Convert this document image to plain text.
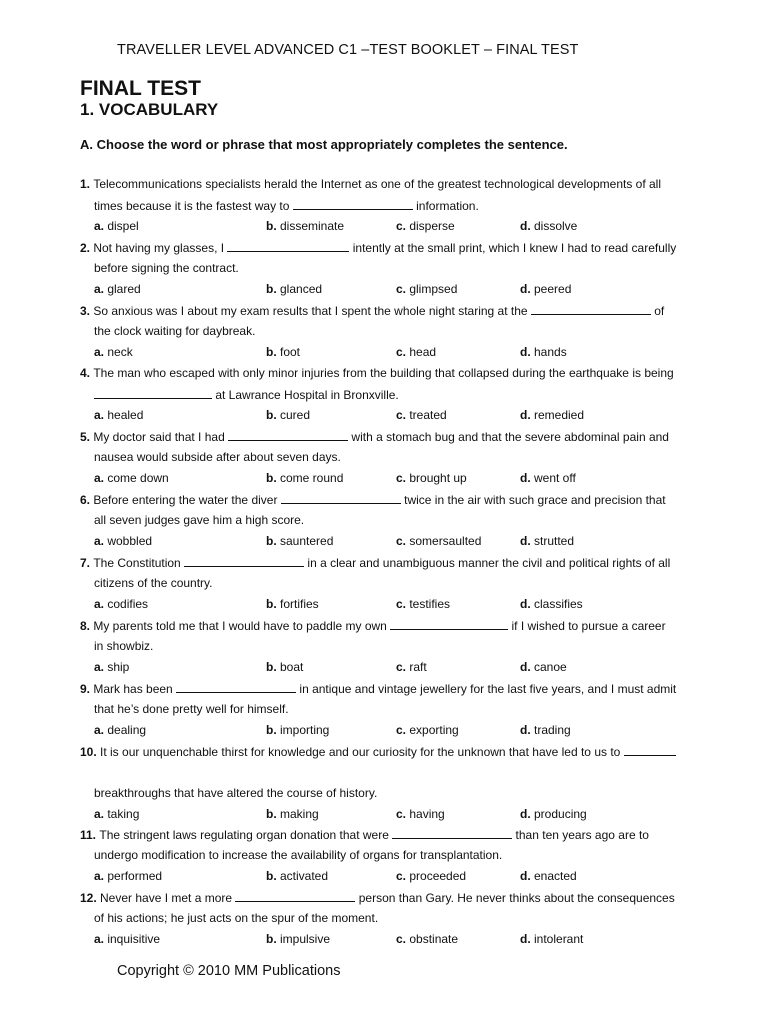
TRAVELLER LEVEL ADVANCED C1 –TEST BOOKLET – FINAL TEST
FINAL TEST
1. VOCABULARY
A. Choose the word or phrase that most appropriately completes the sentence.
1. Telecommunications specialists herald the Internet as one of the greatest technological developments of all
times because it is the fastest way to	information.
a. dispel	b. disseminate	c. disperse	d. dissolve
2. Not having my glasses, I	intently at the small print, which I knew I had to read carefully
before signing the contract.
a. glared	b. glanced	c. glimpsed	d. peered
3. So anxious was I about my exam results that I spent the whole night staring at the	of
the clock waiting for daybreak.
a. neck	b. foot	c. head	d. hands
4. The man who escaped with only minor injuries from the building that collapsed during the earthquake is being
at Lawrance Hospital in Bronxville.
a. healed	b. cured	c. treated	d. remedied
5. My doctor said that I had	with a stomach bug and that the severe abdominal pain and
nausea would subside after about seven days.
a. come down	b. come round	c. brought up	d. went off
6. Before entering the water the diver	twice in the air with such grace and precision that
all seven judges gave him a high score.
a. wobbled	b. sauntered	c. somersaulted	d. strutted
7. The Constitution	in a clear and unambiguous manner the civil and political rights of all
citizens of the country.
a. codifies	b. fortifies	c. testifies	d. classifies
8. My parents told me that I would have to paddle my own	if I wished to pursue a career
in showbiz.
a. ship	b. boat	c. raft	d. canoe
9. Mark has been	in antique and vintage jewellery for the last five years, and I must admit
that he’s done pretty well for himself.
a. dealing	b. importing	c. exporting	d. trading
10. It is our unquenchable thirst for knowledge and our curiosity for the unknown that have led to us to
breakthroughs that have altered the course of history.
a. taking	b. making	c. having	d. producing
11. The stringent laws regulating organ donation that were	than ten years ago are to
undergo modification to increase the availability of organs for transplantation.
a. performed	b. activated	c. proceeded	d. enacted
12. Never have I met a more	person than Gary. He never thinks about the consequences
of his actions; he just acts on the spur of the moment.
a. inquisitive	b. impulsive	c. obstinate	d. intolerant
Copyright © 2010 MM Publications
